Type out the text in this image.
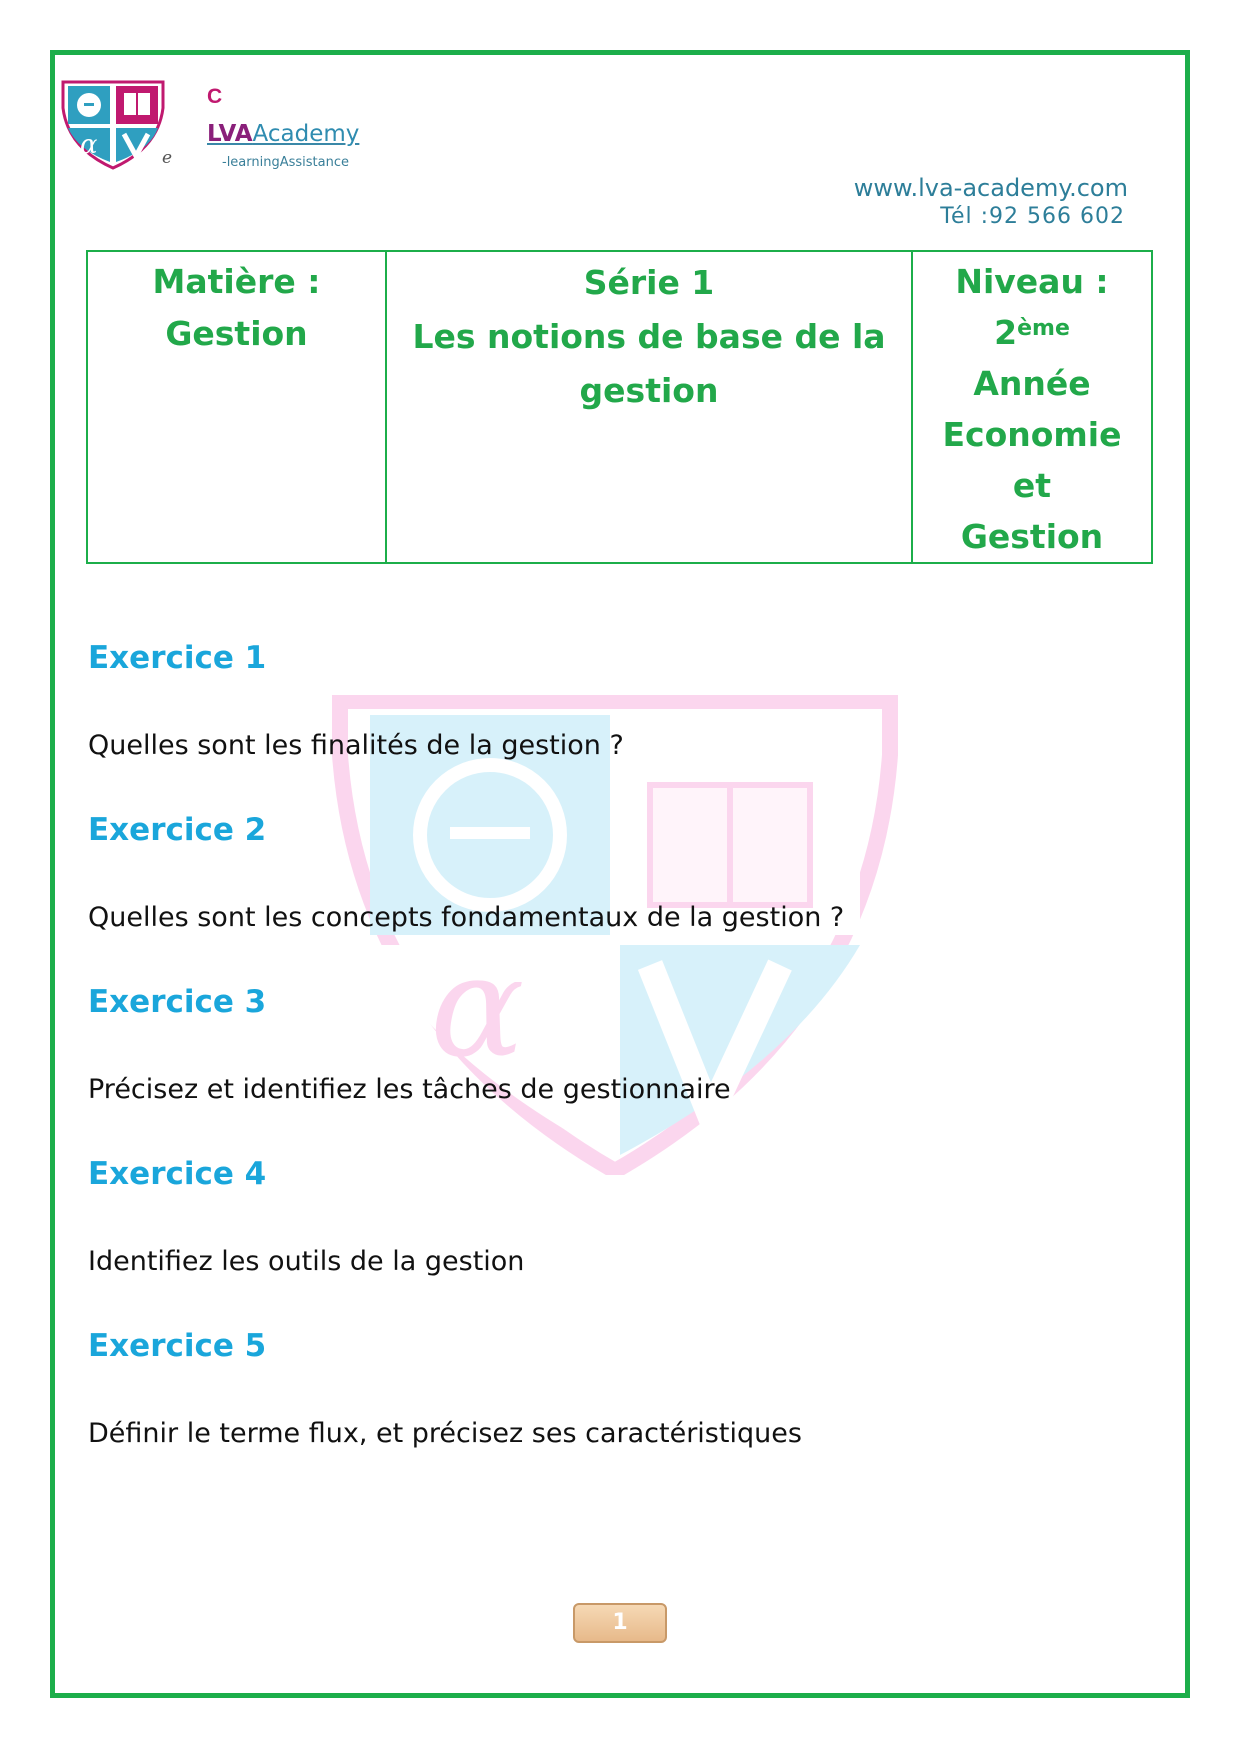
α	e
C
LVAAcademy
-learningAssistance
www.lva-academy.com
Tél :92 566 602
Matière :
Gestion

Série 1
Les notions de base de la
gestion

Niveau : 2ème
Année
Economie et
Gestion
α
Exercice 1
Quelles sont les finalités de la gestion ?
Exercice 2
Quelles sont les concepts fondamentaux de la gestion ?
Exercice 3
Précisez et identifiez les tâches de gestionnaire
Exercice 4
Identifiez les outils de la gestion
Exercice 5
Définir le terme flux, et précisez ses caractéristiques
1
